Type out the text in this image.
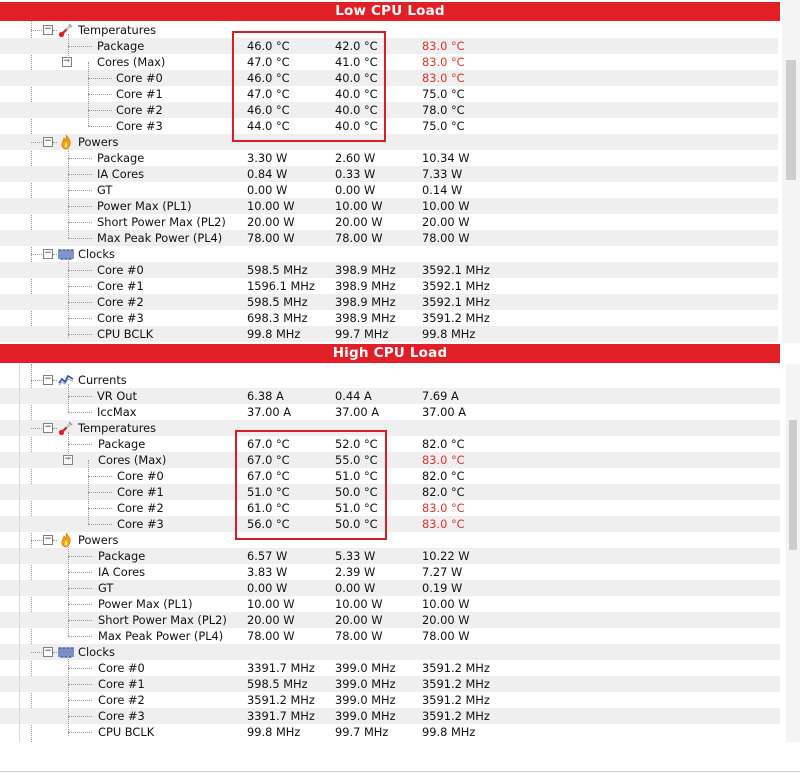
Low CPU Load
Temperatures
−
Package	46.0 °C	42.0 °C	83.0 °C
Cores (Max)	47.0 °C	41.0 °C	83.0 °C
−
Core #0	46.0 °C	40.0 °C	83.0 °C
Core #1	47.0 °C	40.0 °C	75.0 °C
Core #2	46.0 °C	40.0 °C	78.0 °C
Core #3	44.0 °C	40.0 °C	75.0 °C
Powers
−
Package	3.30 W	2.60 W	10.34 W
IA Cores	0.84 W	0.33 W	7.33 W
GT	0.00 W	0.00 W	0.14 W
Power Max (PL1)	10.00 W	10.00 W	10.00 W
Short Power Max (PL2) 20.00 W	20.00 W	20.00 W
Max Peak Power (PL4) 78.00 W	78.00 W	78.00 W
Clocks
−
Core #0	598.5 MHz 398.9 MHz 3592.1 MHz
Core #1	1596.1 MHz 398.9 MHz 3592.1 MHz
Core #2	598.5 MHz 398.9 MHz 3592.1 MHz
Core #3	698.3 MHz 398.9 MHz 3591.2 MHz
CPU BCLK	99.8 MHz	99.7 MHz	99.8 MHz
High CPU Load
Currents
−
VR Out	6.38 A	0.44 A	7.69 A
IccMax	37.00 A	37.00 A	37.00 A
Temperatures
−
Package	67.0 °C	52.0 °C	82.0 °C
Cores (Max)	67.0 °C	55.0 °C	83.0 °C
−
Core #0	67.0 °C	51.0 °C	82.0 °C
Core #1	51.0 °C	50.0 °C	82.0 °C
Core #2	61.0 °C	51.0 °C	83.0 °C
Core #3	56.0 °C	50.0 °C	83.0 °C
Powers
−
Package	6.57 W	5.33 W	10.22 W
IA Cores	3.83 W	2.39 W	7.27 W
GT	0.00 W	0.00 W	0.19 W
Power Max (PL1)	10.00 W	10.00 W	10.00 W
Short Power Max (PL2) 20.00 W	20.00 W	20.00 W
Max Peak Power (PL4) 78.00 W	78.00 W	78.00 W
Clocks
−
Core #0	3391.7 MHz 399.0 MHz 3591.2 MHz
Core #1	598.5 MHz 399.0 MHz 3591.2 MHz
Core #2	3591.2 MHz 399.0 MHz 3591.2 MHz
Core #3	3391.7 MHz 399.0 MHz 3591.2 MHz
CPU BCLK	99.8 MHz	99.7 MHz	99.8 MHz
